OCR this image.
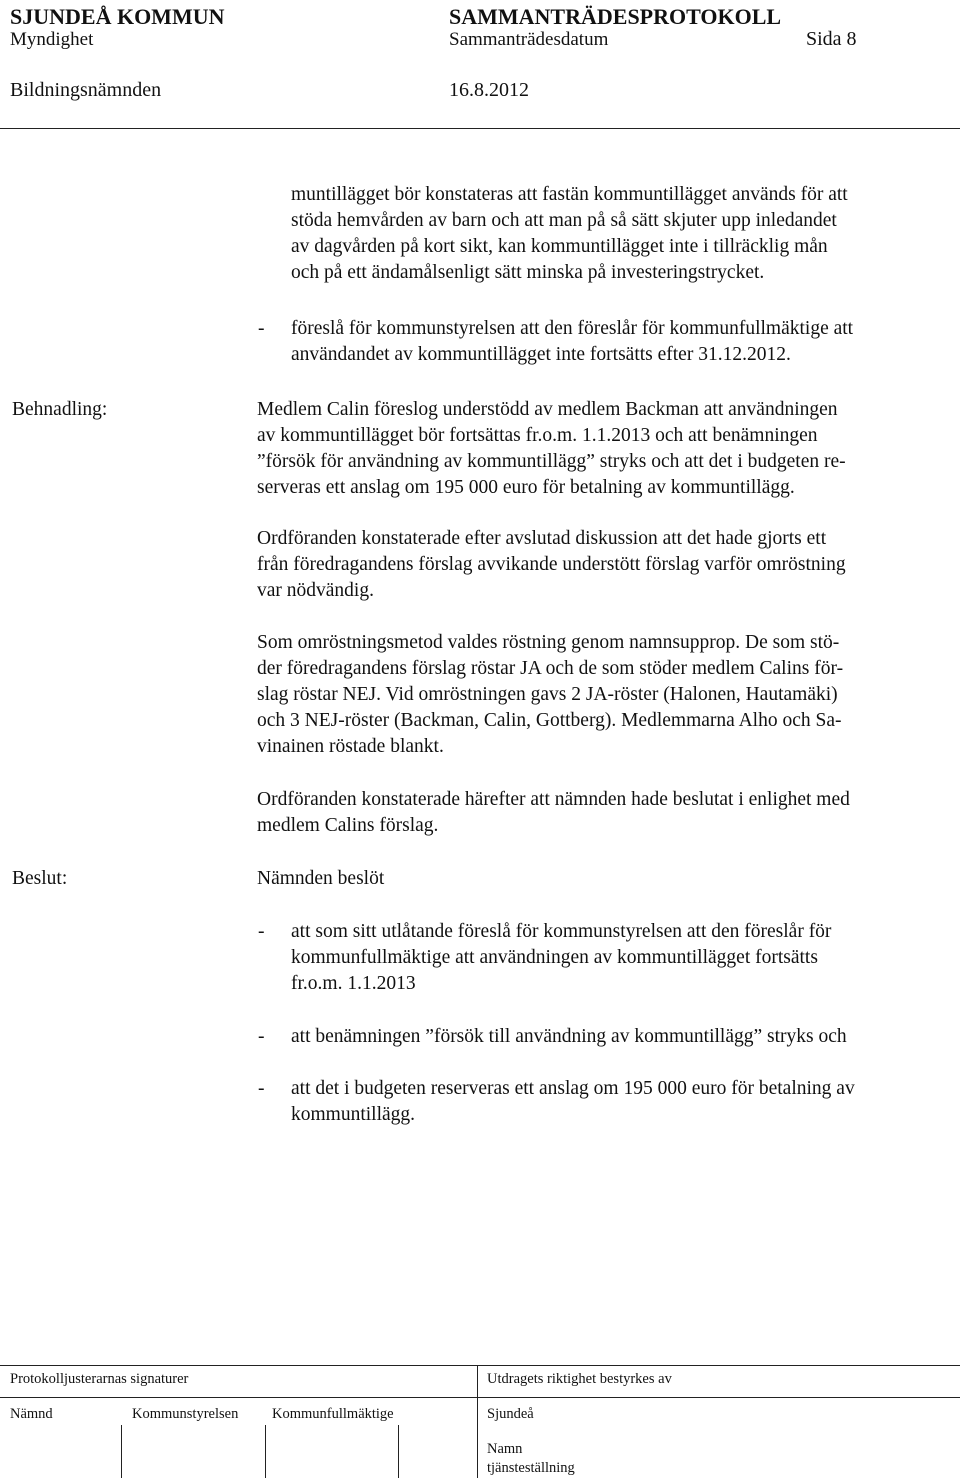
SJUNDEÅ KOMMUN	SAMMANTRÄDESPROTOKOLL
Myndighet	Sammanträdesdatum	Sida 8
Bildningsnämnden	16.8.2012
muntillägget bör konstateras att fastän kommuntillägget används för att
stöda hemvården av barn och att man på så sätt skjuter upp inledandet
av dagvården på kort sikt, kan kommuntillägget inte i tillräcklig mån
och på ett ändamålsenligt sätt minska på investeringstrycket.
- föreslå för kommunstyrelsen att den föreslår för kommunfullmäktige att
användandet av kommuntillägget inte fortsätts efter 31.12.2012.
Behnadling:	Medlem Calin föreslog understödd av medlem Backman att användningen
av kommuntillägget bör fortsättas fr.o.m. 1.1.2013 och att benämningen
”försök för användning av kommuntillägg” stryks och att det i budgeten re-
serveras ett anslag om 195 000 euro för betalning av kommuntillägg.
Ordföranden konstaterade efter avslutad diskussion att det hade gjorts ett
från föredragandens förslag avvikande understött förslag varför omröstning
var nödvändig.
Som omröstningsmetod valdes röstning genom namnsupprop. De som stö-
der föredragandens förslag röstar JA och de som stöder medlem Calins för-
slag röstar NEJ. Vid omröstningen gavs 2 JA-röster (Halonen, Hautamäki)
och 3 NEJ-röster (Backman, Calin, Gottberg). Medlemmarna Alho och Sa-
vinainen röstade blankt.
Ordföranden konstaterade härefter att nämnden hade beslutat i enlighet med
medlem Calins förslag.
Beslut:	Nämnden beslöt
- att som sitt utlåtande föreslå för kommunstyrelsen att den föreslår för
kommunfullmäktige att användningen av kommuntillägget fortsätts
fr.o.m. 1.1.2013
- att benämningen ”försök till användning av kommuntillägg” stryks och
- att det i budgeten reserveras ett anslag om 195 000 euro för betalning av
kommuntillägg.
Protokolljusterarnas signaturer	Utdragets riktighet bestyrkes av
Nämnd	Kommunstyrelsen Kommunfullmäktige	Sjundeå
Namn
tjänsteställning
